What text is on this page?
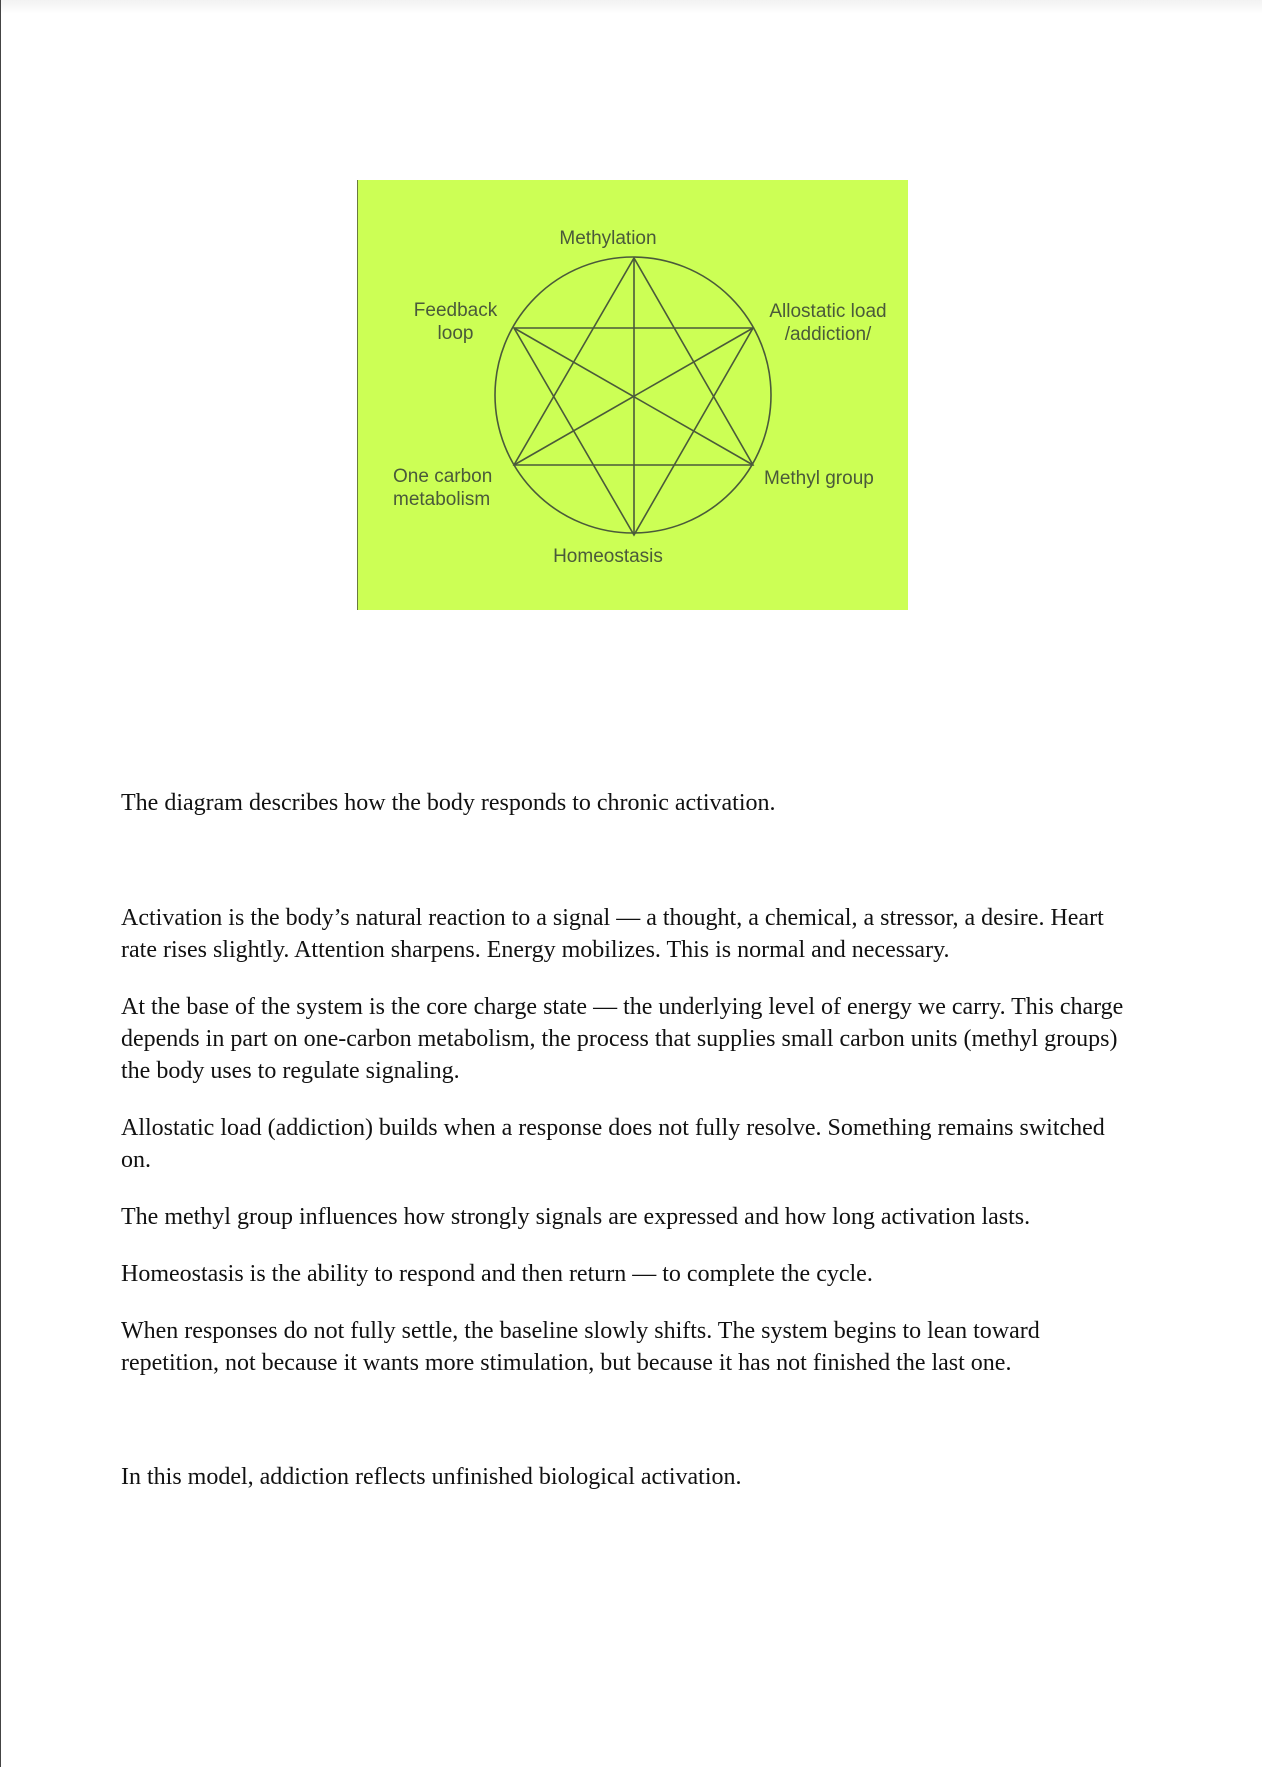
Methylation
Homeostasis
Feedback
loop
One carbon
metabolism
Allostatic load
/addiction/
Methyl group

The diagram describes how the body responds to chronic activation.

Activation is the body’s natural reaction to a signal — a thought, a chemical, a stressor, a desire. Heart rate rises slightly. Attention sharpens. Energy mobilizes. This is normal and necessary.

At the base of the system is the core charge state — the underlying level of energy we carry. This charge depends in part on one-carbon metabolism, the process that supplies small carbon units (methyl groups) the body uses to regulate signaling.

Allostatic load (addiction) builds when a response does not fully resolve. Something remains switched on.

The methyl group influences how strongly signals are expressed and how long activation lasts.

Homeostasis is the ability to respond and then return — to complete the cycle.

When responses do not fully settle, the baseline slowly shifts. The system begins to lean toward repetition, not because it wants more stimulation, but because it has not finished the last one.

In this model, addiction reflects unfinished biological activation.
